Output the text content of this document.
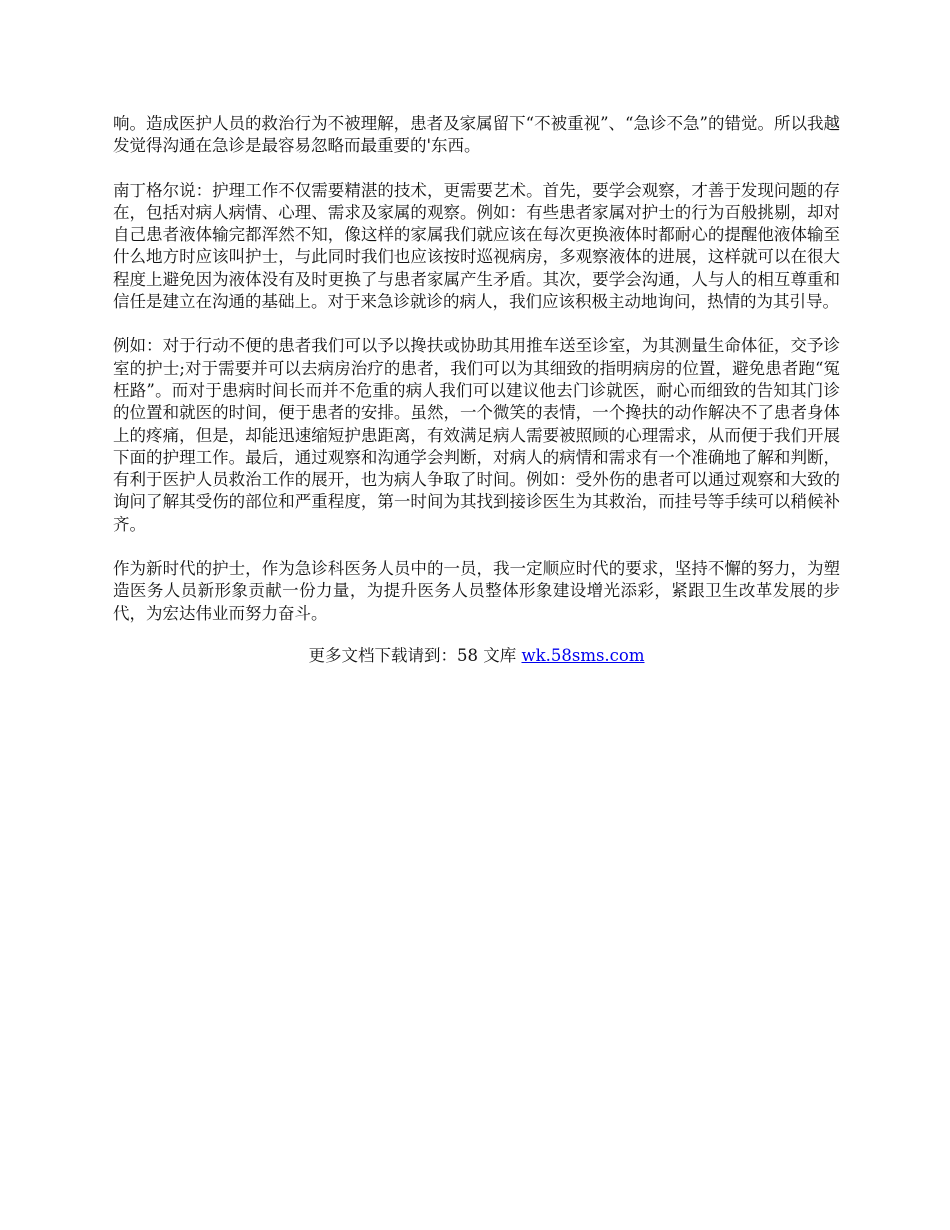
响。造成医护人员的救治行为不被理解，患者及家属留下“不被重视”、“急诊不急”的错觉。所以我越发觉得沟通在急诊是最容易忽略而最重要的'东西。

南丁格尔说：护理工作不仅需要精湛的技术，更需要艺术。首先，要学会观察，才善于发现问题的存在，包括对病人病情、心理、需求及家属的观察。例如：有些患者家属对护士的行为百般挑剔，却对自己患者液体输完都浑然不知，像这样的家属我们就应该在每次更换液体时都耐心的提醒他液体输至什么地方时应该叫护士，与此同时我们也应该按时巡视病房，多观察液体的进展，这样就可以在很大程度上避免因为液体没有及时更换了与患者家属产生矛盾。其次，要学会沟通，人与人的相互尊重和信任是建立在沟通的基础上。对于来急诊就诊的病人，我们应该积极主动地询问，热情的为其引导。

例如：对于行动不便的患者我们可以予以搀扶或协助其用推车送至诊室，为其测量生命体征，交予诊室的护士;对于需要并可以去病房治疗的患者，我们可以为其细致的指明病房的位置，避免患者跑“冤枉路”。而对于患病时间长而并不危重的病人我们可以建议他去门诊就医，耐心而细致的告知其门诊的位置和就医的时间，便于患者的安排。虽然，一个微笑的表情，一个搀扶的动作解决不了患者身体上的疼痛，但是，却能迅速缩短护患距离，有效满足病人需要被照顾的心理需求，从而便于我们开展下面的护理工作。最后，通过观察和沟通学会判断，对病人的病情和需求有一个准确地了解和判断，有利于医护人员救治工作的展开，也为病人争取了时间。例如：受外伤的患者可以通过观察和大致的询问了解其受伤的部位和严重程度，第一时间为其找到接诊医生为其救治，而挂号等手续可以稍候补齐。

作为新时代的护士，作为急诊科医务人员中的一员，我一定顺应时代的要求，坚持不懈的努力，为塑造医务人员新形象贡献一份力量，为提升医务人员整体形象建设增光添彩，紧跟卫生改革发展的步代，为宏达伟业而努力奋斗。

更多文档下载请到：58 文库 wk.58sms.com
